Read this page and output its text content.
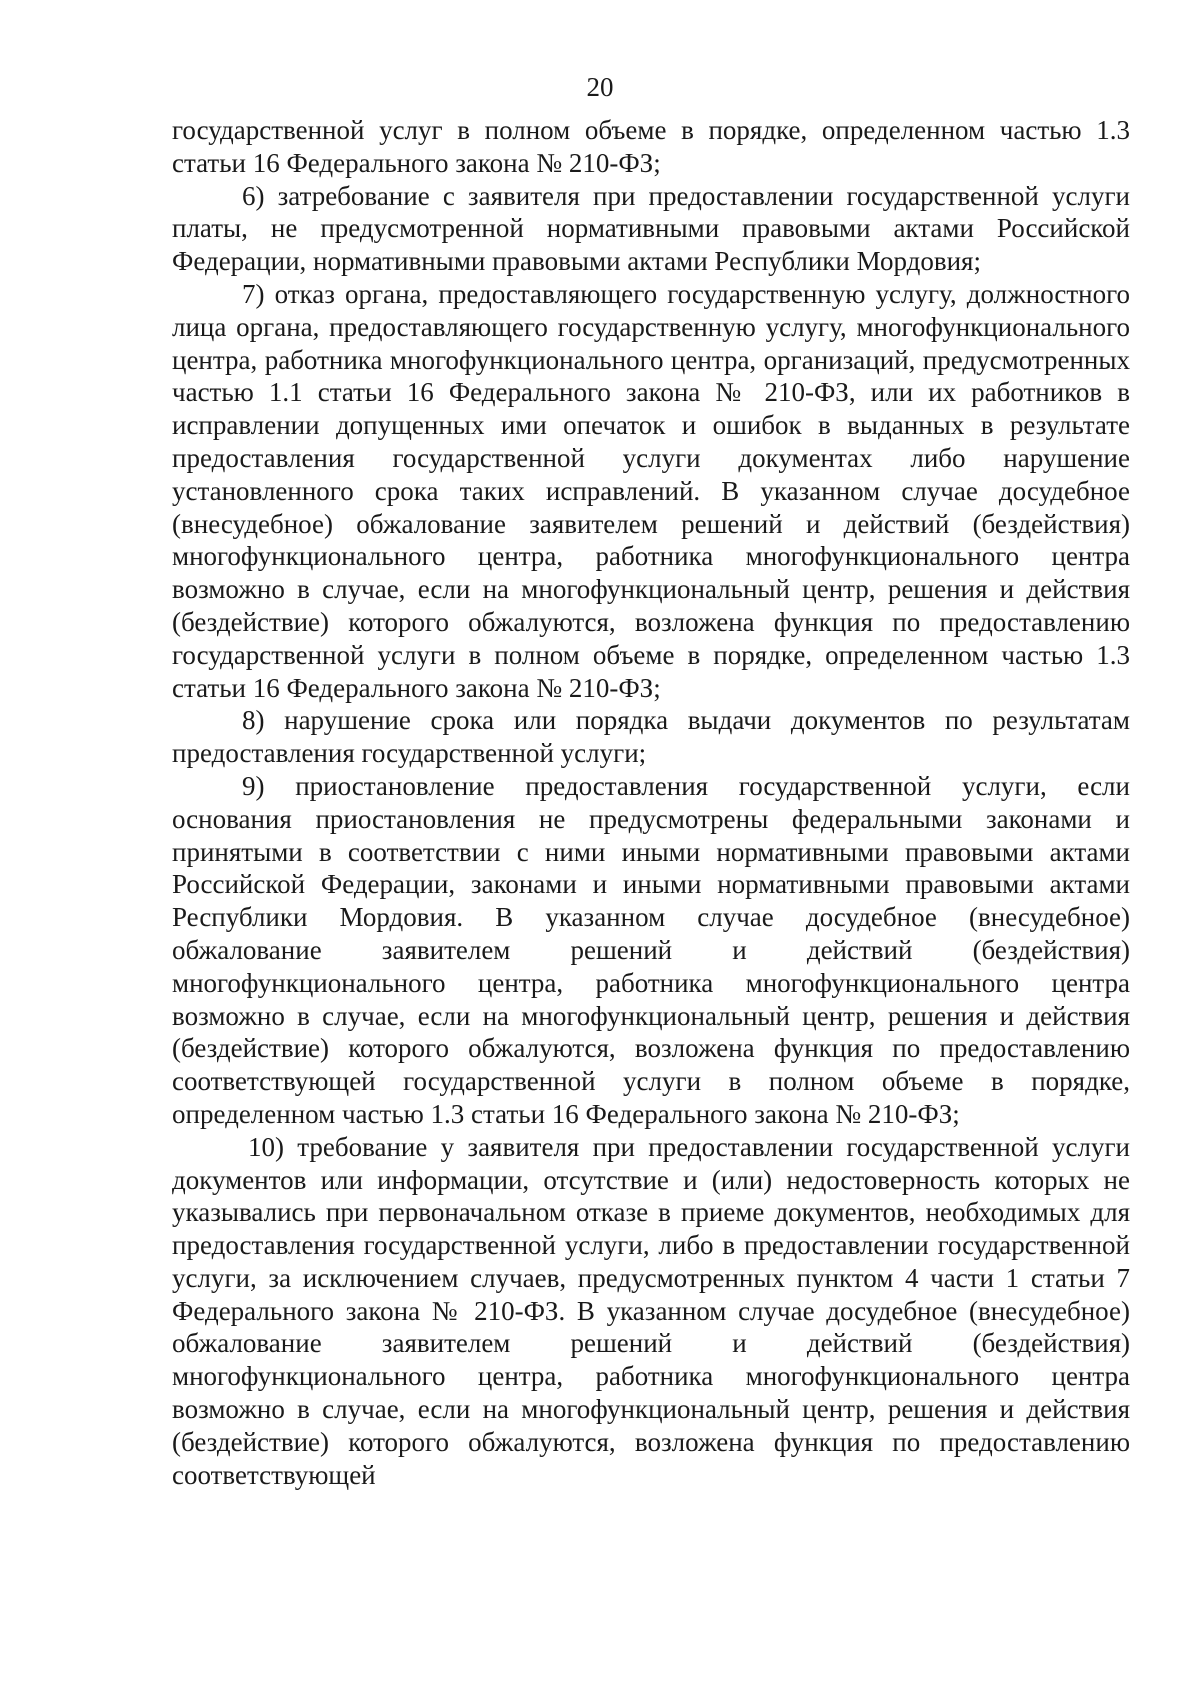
20

государственной услуг в полном объеме в порядке, определенном частью 1.3 статьи 16 Федерального закона № 210-ФЗ;

6) затребование с заявителя при предоставлении государственной услуги платы, не предусмотренной нормативными правовыми актами Российской Федерации, нормативными правовыми актами Республики Мордовия;

7) отказ органа, предоставляющего государственную услугу, должностного лица органа, предоставляющего государственную услугу, многофункционального центра, работника многофункционального центра, организаций, предусмотренных частью 1.1 статьи 16 Федерального закона № 210-ФЗ, или их работников в исправлении допущенных ими опечаток и ошибок в выданных в результате предоставления государственной услуги документах либо нарушение установленного срока таких исправлений. В указанном случае досудебное (внесудебное) обжалование заявителем решений и действий (бездействия) многофункционального центра, работника многофункционального центра возможно в случае, если на многофункциональный центр, решения и действия (бездействие) которого обжалуются, возложена функция по предоставлению государственной услуги в полном объеме в порядке, определенном частью 1.3 статьи 16 Федерального закона № 210-ФЗ;

8) нарушение срока или порядка выдачи документов по результатам предоставления государственной услуги;

9) приостановление предоставления государственной услуги, если основания приостановления не предусмотрены федеральными законами и принятыми в соответствии с ними иными нормативными правовыми актами Российской Федерации, законами и иными нормативными правовыми актами Республики Мордовия. В указанном случае досудебное (внесудебное) обжалование заявителем решений и действий (бездействия) многофункционального центра, работника многофункционального центра возможно в случае, если на многофункциональный центр, решения и действия (бездействие) которого обжалуются, возложена функция по предоставлению соответствующей государственной услуги в полном объеме в порядке, определенном частью 1.3 статьи 16 Федерального закона № 210-ФЗ;

10) требование у заявителя при предоставлении государственной услуги документов или информации, отсутствие и (или) недостоверность которых не указывались при первоначальном отказе в приеме документов, необходимых для предоставления государственной услуги, либо в предоставлении государственной услуги, за исключением случаев, предусмотренных пунктом 4 части 1 статьи 7 Федерального закона № 210-ФЗ. В указанном случае досудебное (внесудебное) обжалование заявителем решений и действий (бездействия) многофункционального центра, работника многофункционального центра возможно в случае, если на многофункциональный центр, решения и действия (бездействие) которого обжалуются, возложена функция по предоставлению соответствующей
